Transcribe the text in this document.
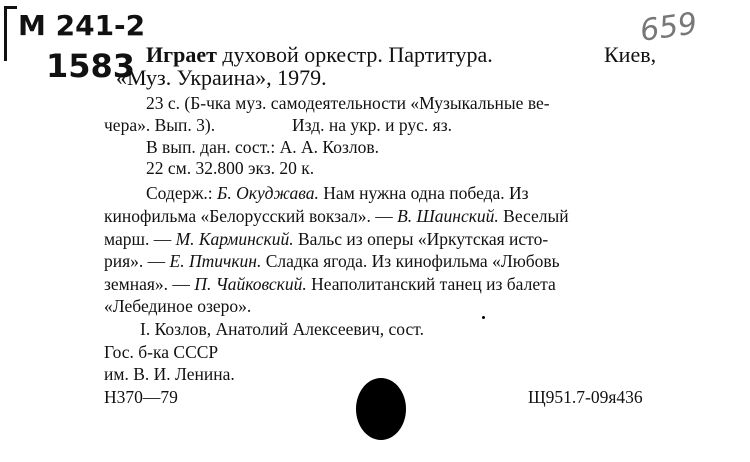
М 241-2
1583
659
Играет духовой оркестр. Партитура.	Киев,
«Муз. Украина», 1979.
23 с. (Б-чка муз. самодеятельности «Музыкальные ве-
чера». Вып. 3).	Изд. на укр. и рус. яз.
В вып. дан. сост.: А. А. Козлов.
22 см. 32.800 экз. 20 к.
Содерж.: Б. Окуджава. Нам нужна одна победа. Из
кинофильма «Белорусский вокзал». — В. Шаинский. Веселый
марш. — М. Карминский. Вальс из оперы «Иркутская исто-
рия». — Е. Птичкин. Сладка ягода. Из кинофильма «Любовь
земная». — П. Чайковский. Неаполитанский танец из балета
«Лебединое озеро».
I. Козлов, Анатолий Алексеевич, сост.
Гос. б-ка СССР
им. В. И. Ленина.
Н370—79	Щ951.7-09я436
